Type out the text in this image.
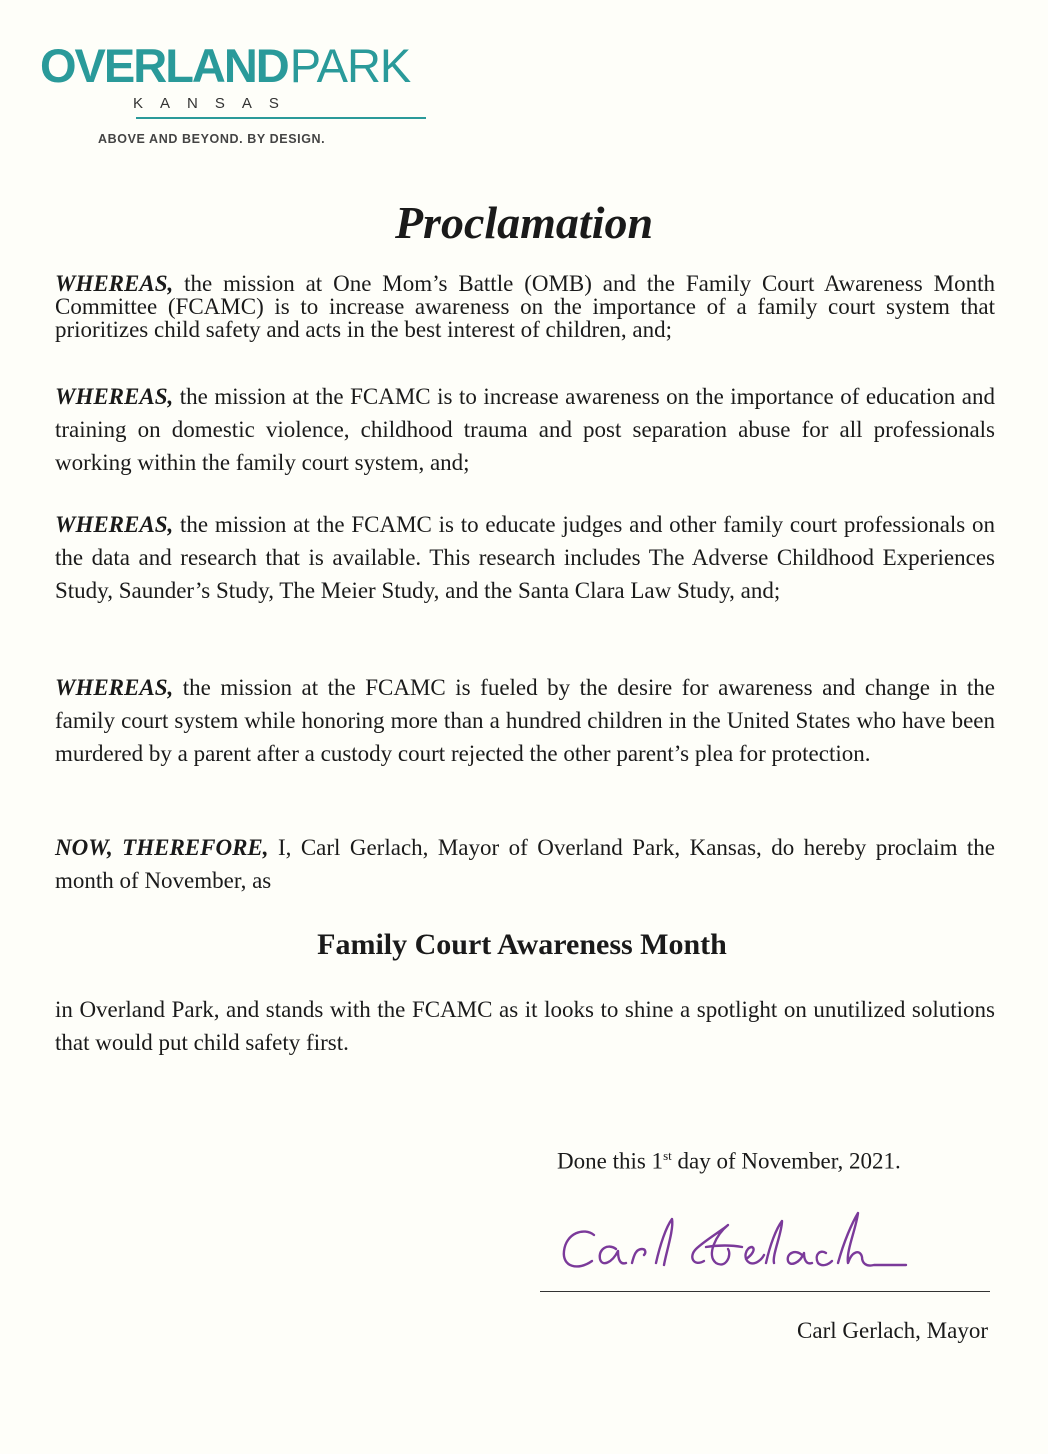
OVERLANDPARK
KANSAS
ABOVE AND BEYOND. BY DESIGN.
Proclamation
WHEREAS, the mission at One Mom’s Battle (OMB) and the Family Court Awareness Month Committee (FCAMC) is to increase awareness on the importance of a family court system that prioritizes child safety and acts in the best interest of children, and;
WHEREAS, the mission at the FCAMC is to increase awareness on the importance of education and training on domestic violence, childhood trauma and post separation abuse for all professionals working within the family court system, and;
WHEREAS, the mission at the FCAMC is to educate judges and other family court professionals on the data and research that is available. This research includes The Adverse Childhood Experiences Study, Saunder’s Study, The Meier Study, and the Santa Clara Law Study, and;
WHEREAS, the mission at the FCAMC is fueled by the desire for awareness and change in the family court system while honoring more than a hundred children in the United States who have been murdered by a parent after a custody court rejected the other parent’s plea for protection.
NOW, THEREFORE, I, Carl Gerlach, Mayor of Overland Park, Kansas, do hereby proclaim the month of November, as
Family Court Awareness Month
in Overland Park, and stands with the FCAMC as it looks to shine a spotlight on unutilized solutions that would put child safety first.
Done this 1st day of November, 2021.
Carl Gerlach, Mayor
